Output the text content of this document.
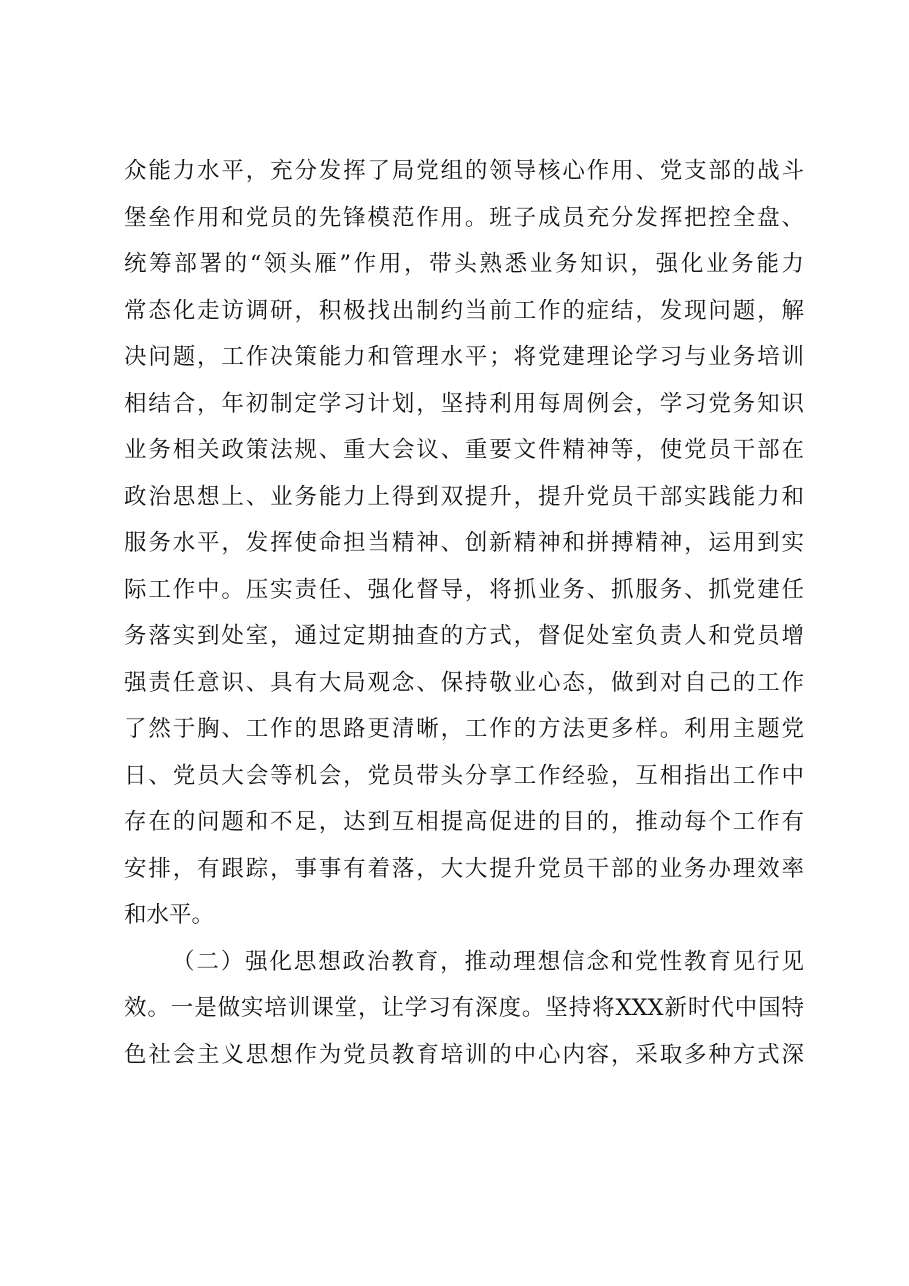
众能力水平，充分发挥了局党组的领导核心作用、党支部的战斗
堡垒作用和党员的先锋模范作用。班子成员充分发挥把控全盘、
统筹部署的“领头雁”作用，带头熟悉业务知识，强化业务能力
常态化走访调研，积极找出制约当前工作的症结，发现问题，解
决问题，工作决策能力和管理水平；将党建理论学习与业务培训
相结合，年初制定学习计划，坚持利用每周例会，学习党务知识
业务相关政策法规、重大会议、重要文件精神等，使党员干部在
政治思想上、业务能力上得到双提升，提升党员干部实践能力和
服务水平，发挥使命担当精神、创新精神和拼搏精神，运用到实
际工作中。压实责任、强化督导，将抓业务、抓服务、抓党建任
务落实到处室，通过定期抽查的方式，督促处室负责人和党员增
强责任意识、具有大局观念、保持敬业心态，做到对自己的工作
了然于胸、工作的思路更清晰，工作的方法更多样。利用主题党
日、党员大会等机会，党员带头分享工作经验，互相指出工作中
存在的问题和不足，达到互相提高促进的目的，推动每个工作有
安排，有跟踪，事事有着落，大大提升党员干部的业务办理效率
和水平。
（二）强化思想政治教育，推动理想信念和党性教育见行见
效。一是做实培训课堂，让学习有深度。坚持将XXX新时代中国特
色社会主义思想作为党员教育培训的中心内容，采取多种方式深
